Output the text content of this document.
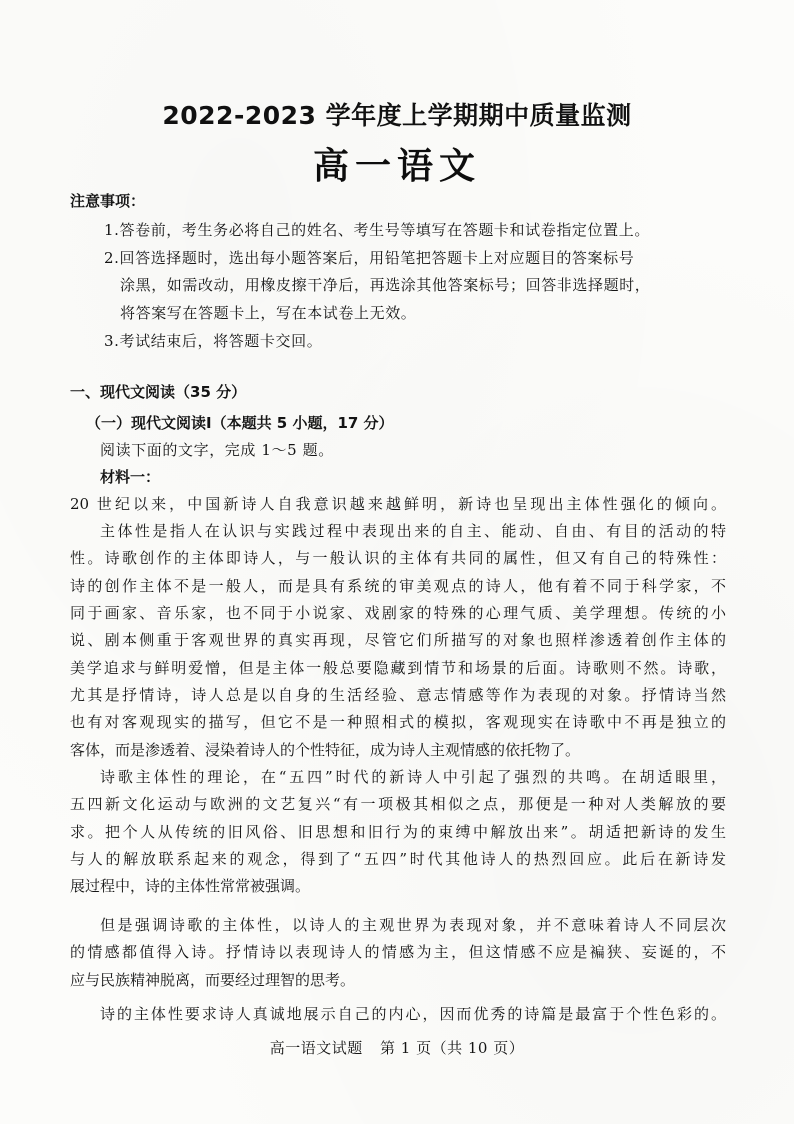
2022-2023 学年度上学期期中质量监测
高一语文
注意事项：
1.答卷前，考生务必将自己的姓名、考生号等填写在答题卡和试卷指定位置上。
2.回答选择题时，选出每小题答案后，用铅笔把答题卡上对应题目的答案标号
涂黑，如需改动，用橡皮擦干净后，再选涂其他答案标号；回答非选择题时，
将答案写在答题卡上，写在本试卷上无效。
3.考试结束后，将答题卡交回。
一、现代文阅读（35 分）
（一）现代文阅读Ⅰ（本题共 5 小题，17 分）
阅读下面的文字，完成 1～5 题。
材料一：
20 世纪以来，中国新诗人自我意识越来越鲜明，新诗也呈现出主体性强化的倾向。
主体性是指人在认识与实践过程中表现出来的自主、能动、自由、有目的活动的特
性。诗歌创作的主体即诗人，与一般认识的主体有共同的属性，但又有自己的特殊性：
诗的创作主体不是一般人，而是具有系统的审美观点的诗人，他有着不同于科学家，不
同于画家、音乐家，也不同于小说家、戏剧家的特殊的心理气质、美学理想。传统的小
说、剧本侧重于客观世界的真实再现，尽管它们所描写的对象也照样渗透着创作主体的
美学追求与鲜明爱憎，但是主体一般总要隐藏到情节和场景的后面。诗歌则不然。诗歌，
尤其是抒情诗，诗人总是以自身的生活经验、意志情感等作为表现的对象。抒情诗当然
也有对客观现实的描写，但它不是一种照相式的模拟，客观现实在诗歌中不再是独立的
客体，而是渗透着、浸染着诗人的个性特征，成为诗人主观情感的依托物了。
诗歌主体性的理论，在“五四”时代的新诗人中引起了强烈的共鸣。在胡适眼里，
五四新文化运动与欧洲的文艺复兴“有一项极其相似之点，那便是一种对人类解放的要
求。把个人从传统的旧风俗、旧思想和旧行为的束缚中解放出来”。胡适把新诗的发生
与人的解放联系起来的观念，得到了“五四”时代其他诗人的热烈回应。此后在新诗发
展过程中，诗的主体性常常被强调。
但是强调诗歌的主体性，以诗人的主观世界为表现对象，并不意味着诗人不同层次
的情感都值得入诗。抒情诗以表现诗人的情感为主，但这情感不应是褊狭、妄诞的，不
应与民族精神脱离，而要经过理智的思考。
诗的主体性要求诗人真诚地展示自己的内心，因而优秀的诗篇是最富于个性色彩的。
高一语文试题 第 1 页（共 10 页）
